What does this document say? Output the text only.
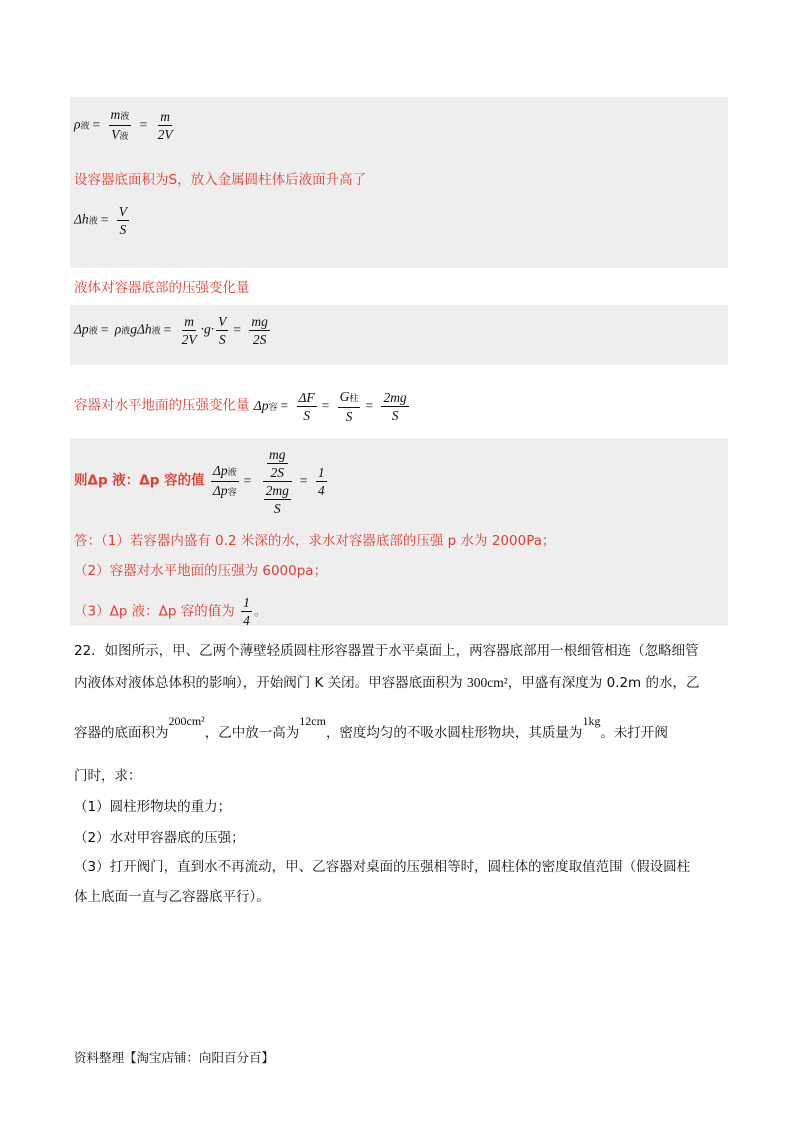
ρ液 = $\frac{\text{m液}}{\text{V液}} = \frac{m}{2V}$
设容器底面积为S，放入金属圆柱体后液面升高了
Δh液 = $\frac{V}{S}$
液体对容器底部的压强变化量
Δp液 = ρ液gΔh液 = $\frac{m}{2V} \cdot g\cdot \frac{V}{S} = \frac{mg}{2S}$
容器对水平地面的压强变化量 Δp容 = $\frac{\Delta F}{S} = \frac{\text{G柱}}{S} = \frac{2mg}{S}$
则Δp 液：Δp 容的值 $\frac{\text{Δp液}}{\text{Δp容}} = \frac{\frac{mg}{2S}}{\frac{2mg}{S}} = \frac{1}{4}$
答：（1）若容器内盛有 0.2 米深的水，求水对容器底部的压强 p 水为 2000Pa；
（2）容器对水平地面的压强为 6000pa；
（3）Δp 液：Δp 容的值为 $\frac{1}{4}$ 。
22．如图所示，甲、乙两个薄壁轻质圆柱形容器置于水平桌面上，两容器底部用一根细管相连（忽略细管
内液体对液体总体积的影响），开始阀门 K 关闭。甲容器底面积为 300cm²，甲盛有深度为 0.2m 的水，乙
容器的底面积为200cm²，乙中放一高为12cm，密度均匀的不吸水圆柱形物块，其质量为1kg。未打开阀
门时，求：
（1）圆柱形物块的重力；
（2）水对甲容器底的压强；
（3）打开阀门，直到水不再流动，甲、乙容器对桌面的压强相等时，圆柱体的密度取值范围（假设圆柱
体上底面一直与乙容器底平行）。
资料整理【淘宝店铺：向阳百分百】
